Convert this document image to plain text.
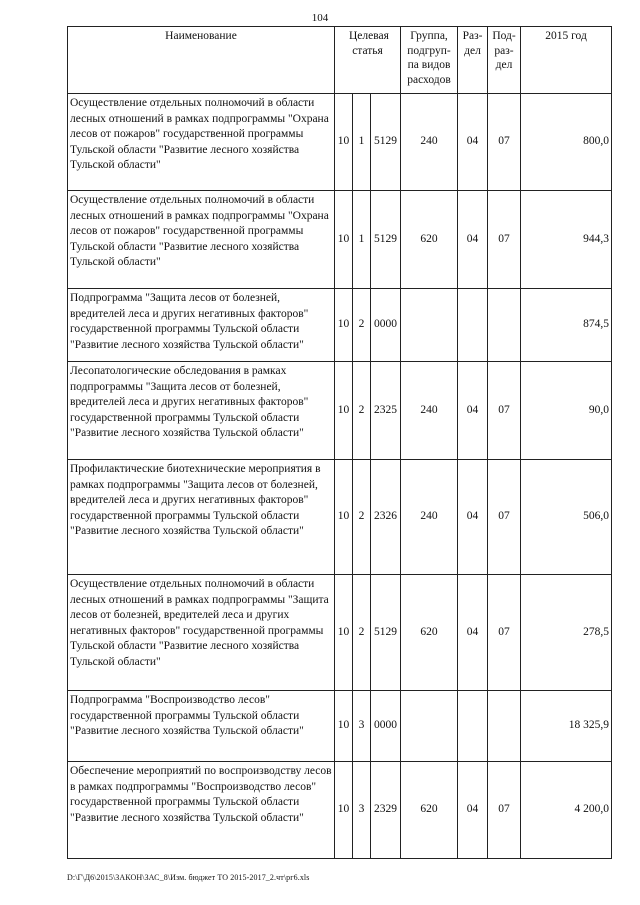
104
Наименование	Целевая статья			Группа, подгруп-па видов расходов	Раз-дел	Под-раз-дел	2015 год
Осуществление отдельных полномочий в области лесных отношений в рамках подпрограммы "Охрана лесов от пожаров" государственной программы Тульской области "Развитие лесного хозяйства Тульской области"	10	1	5129	240	04	07	800,0
Осуществление отдельных полномочий в области лесных отношений в рамках подпрограммы "Охрана лесов от пожаров" государственной программы Тульской области "Развитие лесного хозяйства Тульской области"	10	1	5129	620	04	07	944,3
Подпрограмма "Защита лесов от болезней, вредителей леса и других негативных факторов" государственной программы Тульской области "Развитие лесного хозяйства Тульской области"	10	2	0000				874,5
Лесопатологические обследования в рамках подпрограммы "Защита лесов от болезней, вредителей леса и других негативных факторов" государственной программы Тульской области "Развитие лесного хозяйства Тульской области"	10	2	2325	240	04	07	90,0
Профилактические биотехнические мероприятия в рамках подпрограммы "Защита лесов от болезней, вредителей леса и других негативных факторов" государственной программы Тульской области "Развитие лесного хозяйства Тульской области"	10	2	2326	240	04	07	506,0
Осуществление отдельных полномочий в области лесных отношений в рамках подпрограммы "Защита лесов от болезней, вредителей леса и других негативных факторов" государственной программы Тульской области "Развитие лесного хозяйства Тульской области"	10	2	5129	620	04	07	278,5
Подпрограмма "Воспроизводство лесов" государственной программы Тульской области "Развитие лесного хозяйства Тульской области"	10	3	0000				18 325,9
Обеспечение мероприятий по воспроизводству лесов в рамках подпрограммы "Воспроизводство лесов" государственной программы Тульской области "Развитие лесного хозяйства Тульской области"	10	3	2329	620	04	07	4 200,0
D:\Г\Д6\2015\ЗАКОН\ЗАС_8\Изм. бюджет ТО 2015-2017_2.чт\рг6.xls
